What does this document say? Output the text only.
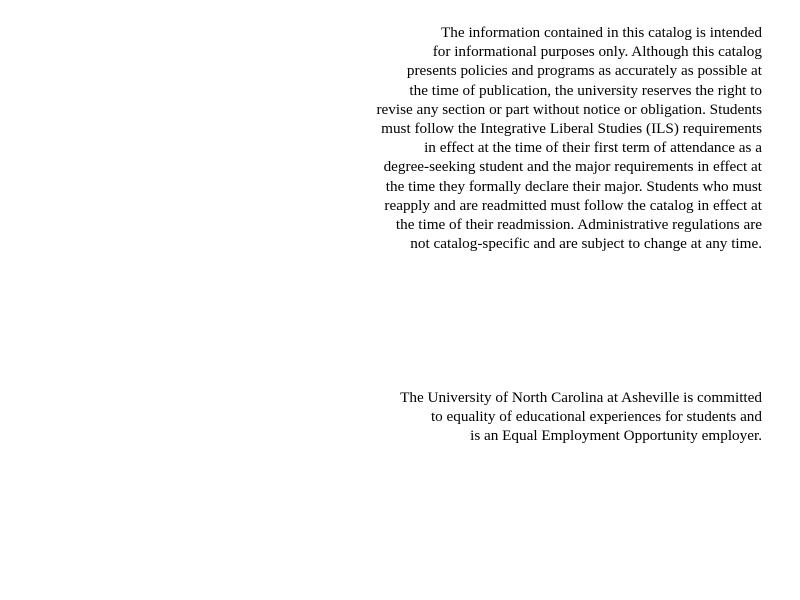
The information contained in this catalog is intended
for informational purposes only. Although this catalog
presents policies and programs as accurately as possible at
the time of publication, the university reserves the right to
revise any section or part without notice or obligation. Students
must follow the Integrative Liberal Studies (ILS) requirements
in effect at the time of their first term of attendance as a
degree-seeking student and the major requirements in effect at
the time they formally declare their major. Students who must
reapply and are readmitted must follow the catalog in effect at
the time of their readmission. Administrative regulations are
not catalog-specific and are subject to change at any time.

The University of North Carolina at Asheville is committed
to equality of educational experiences for students and
is an Equal Employment Opportunity employer.
